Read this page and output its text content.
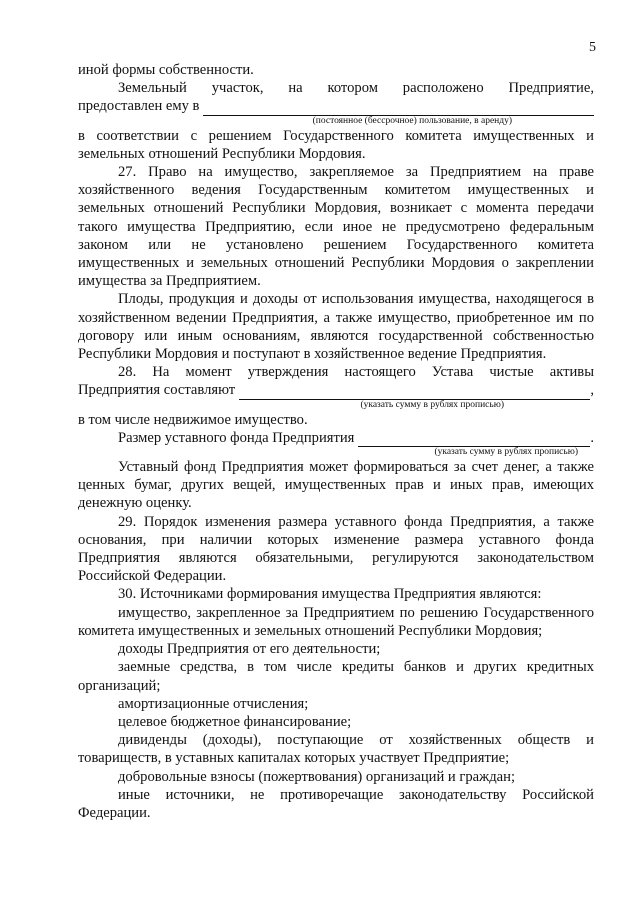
5

иной формы собственности.

Земельный участок, на котором расположено Предприятие,

предоставлен ему в
(постоянное (бессрочное) пользование, в аренду)

в соответствии с решением Государственного комитета имущественных и земельных отношений Республики Мордовия.

27. Право на имущество, закрепляемое за Предприятием на праве хозяйственного ведения Государственным комитетом имущественных и земельных отношений Республики Мордовия, возникает с момента передачи такого имущества Предприятию, если иное не предусмотрено федеральным законом или не установлено решением Государственного комитета имущественных и земельных отношений Республики Мордовия о закреплении имущества за Предприятием.

Плоды, продукция и доходы от использования имущества, находящегося в хозяйственном ведении Предприятия, а также имущество, приобретенное им по договору или иным основаниям, являются государственной собственностью Республики Мордовия и поступают в хозяйственное ведение Предприятия.

28. На момент утверждения настоящего Устава чистые активы

Предприятия составляют	,
(указать сумму в рублях прописью)

в том числе недвижимое имущество.

Размер уставного фонда Предприятия	.
(указать сумму в рублях прописью)

Уставный фонд Предприятия может формироваться за счет денег, а также ценных бумаг, других вещей, имущественных прав и иных прав, имеющих денежную оценку.

29. Порядок изменения размера уставного фонда Предприятия, а также основания, при наличии которых изменение размера уставного фонда Предприятия являются обязательными, регулируются законодательством Российской Федерации.

30. Источниками формирования имущества Предприятия являются:

имущество, закрепленное за Предприятием по решению Государственного комитета имущественных и земельных отношений Республики Мордовия;

доходы Предприятия от его деятельности;

заемные средства, в том числе кредиты банков и других кредитных организаций;

амортизационные отчисления;

целевое бюджетное финансирование;

дивиденды (доходы), поступающие от хозяйственных обществ и товариществ, в уставных капиталах которых участвует Предприятие;

добровольные взносы (пожертвования) организаций и граждан;

иные источники, не противоречащие законодательству Российской Федерации.
